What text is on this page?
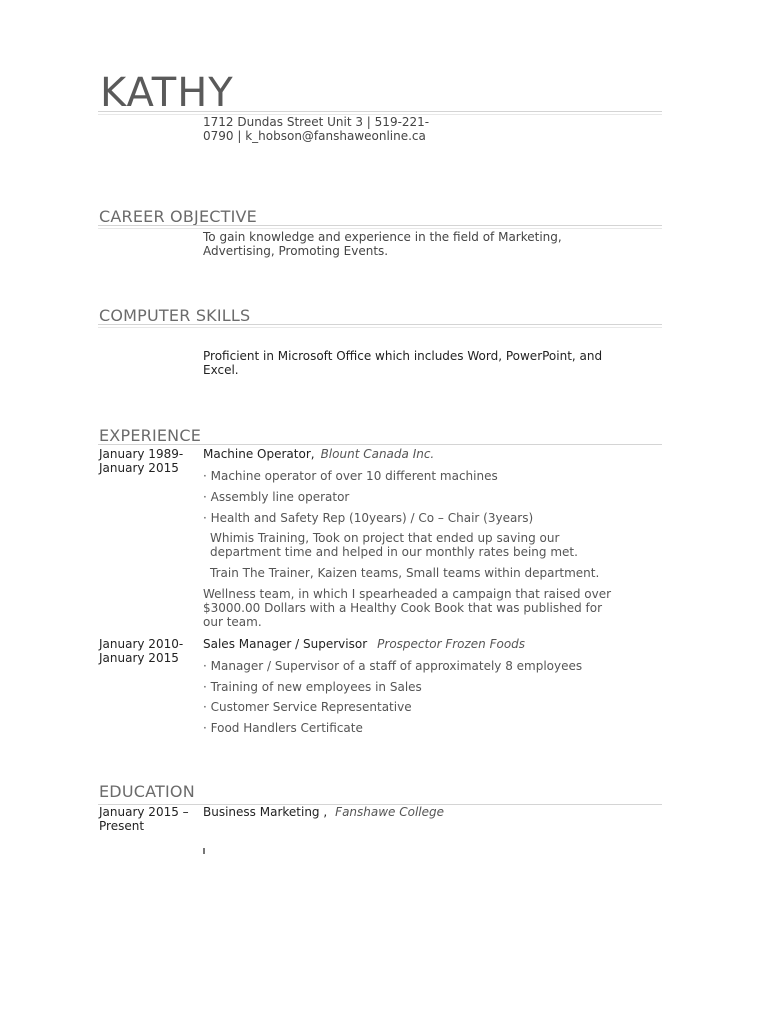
KATHY
1712 Dundas Street Unit 3 | 519-221-
0790 | k_hobson@fanshaweonline.ca
CAREER OBJECTIVE
To gain knowledge and experience in the field of Marketing, Advertising, Promoting Events.
COMPUTER SKILLS
Proficient in Microsoft Office which includes Word, PowerPoint, and Excel.
EXPERIENCE
January 1989-January 2015
Machine Operator, Blount Canada Inc.
· Machine operator of over 10 different machines
· Assembly line operator
· Health and Safety Rep (10years) / Co – Chair (3years)
Whimis Training, Took on project that ended up saving our department time and helped in our monthly rates being met.
Train The Trainer, Kaizen teams, Small teams within department.
Wellness team, in which I spearheaded a campaign that raised over $3000.00 Dollars with a Healthy Cook Book that was published for our team.
January 2010-January 2015
Sales Manager / Supervisor Prospector Frozen Foods
· Manager / Supervisor of a staff of approximately 8 employees
· Training of new employees in Sales
· Customer Service Representative
· Food Handlers Certificate
EDUCATION
January 2015 – Present
Business Marketing , Fanshawe College
